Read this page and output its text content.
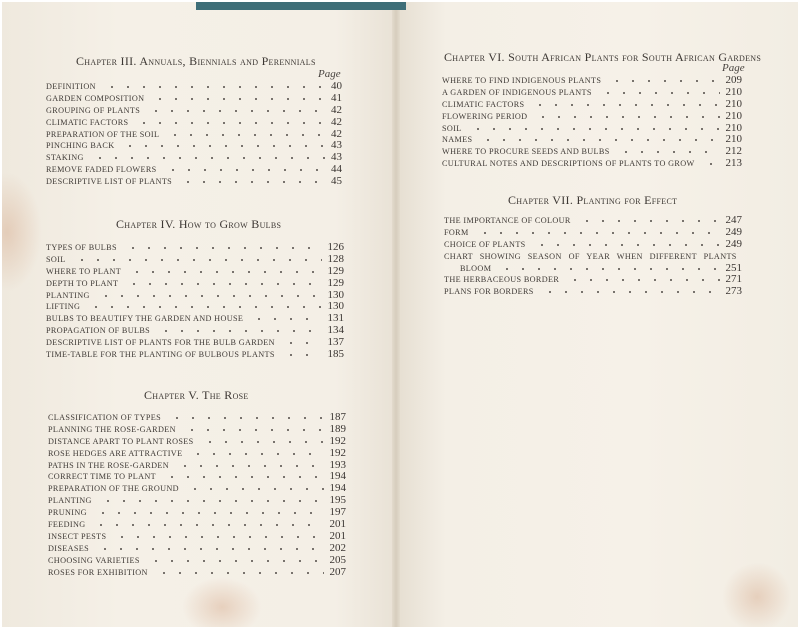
Chapter III. Annuals, Biennials and Perennials
Page
DEFINITION	40
GARDEN COMPOSITION	41
GROUPING OF PLANTS	42
CLIMATIC FACTORS	42
PREPARATION OF THE SOIL	42
PINCHING BACK	43
STAKING	43
REMOVE FADED FLOWERS	44
DESCRIPTIVE LIST OF PLANTS	45
Chapter IV. How to Grow Bulbs
TYPES OF BULBS	126
SOIL	128
WHERE TO PLANT	129
DEPTH TO PLANT	129
PLANTING	130
LIFTING	130
BULBS TO BEAUTIFY THE GARDEN AND HOUSE	131
PROPAGATION OF BULBS	134
DESCRIPTIVE LIST OF PLANTS FOR THE BULB GARDEN	137
TIME-TABLE FOR THE PLANTING OF BULBOUS PLANTS	185
Chapter V. The Rose
CLASSIFICATION OF TYPES	187
PLANNING THE ROSE-GARDEN	189
DISTANCE APART TO PLANT ROSES	192
ROSE HEDGES ARE ATTRACTIVE	192
PATHS IN THE ROSE-GARDEN	193
CORRECT TIME TO PLANT	194
PREPARATION OF THE GROUND	194
PLANTING	195
PRUNING	197
FEEDING	201
INSECT PESTS	201
DISEASES	202
CHOOSING VARIETIES	205
ROSES FOR EXHIBITION	207
Chapter VI. South African Plants for South African Gardens
Page
WHERE TO FIND INDIGENOUS PLANTS	209
A GARDEN OF INDIGENOUS PLANTS	210
CLIMATIC FACTORS	210
FLOWERING PERIOD	210
SOIL	210
NAMES	210
WHERE TO PROCURE SEEDS AND BULBS	212
CULTURAL NOTES AND DESCRIPTIONS OF PLANTS TO GROW	213
Chapter VII. Planting for Effect
THE IMPORTANCE OF COLOUR	247
FORM	249
CHOICE OF PLANTS	249
CHART SHOWING SEASON OF YEAR WHEN DIFFERENT PLANTS
BLOOM	251
THE HERBACEOUS BORDER	271
PLANS FOR BORDERS	273
